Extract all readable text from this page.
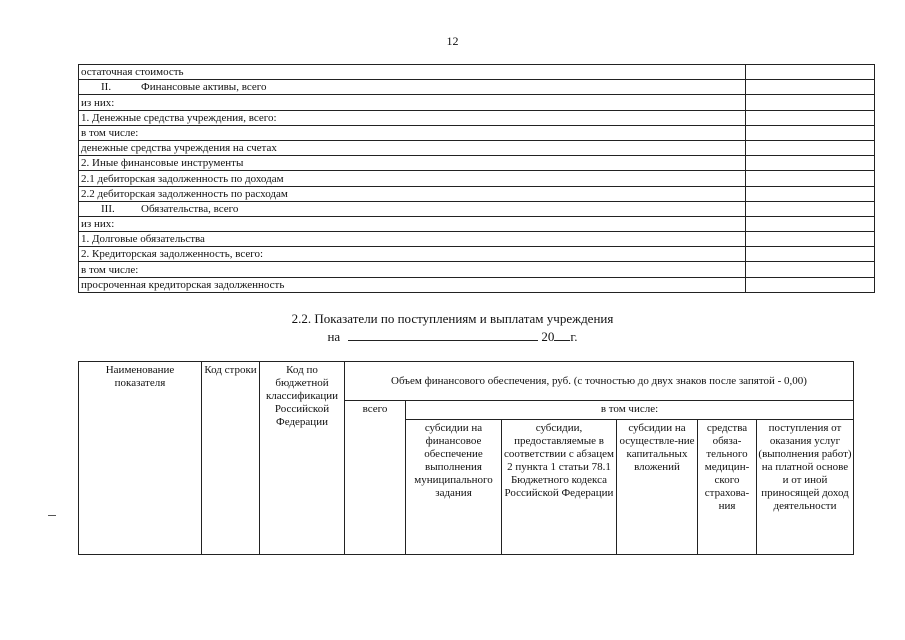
12
остаточная стоимость	
II. Финансовые активы, всего	
из них:	
1. Денежные средства учреждения, всего:	
в том числе:	
денежные средства учреждения на счетах	
2. Иные финансовые инструменты	
2.1 дебиторская задолженность по доходам	
2.2 дебиторская задолженность по расходам	
III. Обязательства, всего	
из них:	
1. Долговые обязательства	
2. Кредиторская задолженность, всего:	
в том числе:	
просроченная кредиторская задолженность	
2.2. Показатели по поступлениям и выплатам учреждения
на	20 г.
Наименование показателя	Код строки	Код по бюджетной классификации Российской Федерации	Объем финансового обеспечения, руб. (с точностью до двух знаков после запятой - 0,00)					
			всего	в том числе:				
				субсидии на финансовое обеспечение выполнения муниципального задания	субсидии, предоставляемые в соответствии с абзацем 2 пункта 1 статьи 78.1 Бюджетного кодекса Российской Федерации	субсидии на осуществле-ние капитальных вложений	средства обяза-тельного медицин-ского страхова-ния	поступления от оказания услуг (выполнения работ) на платной основе и от иной приносящей доход деятельности
